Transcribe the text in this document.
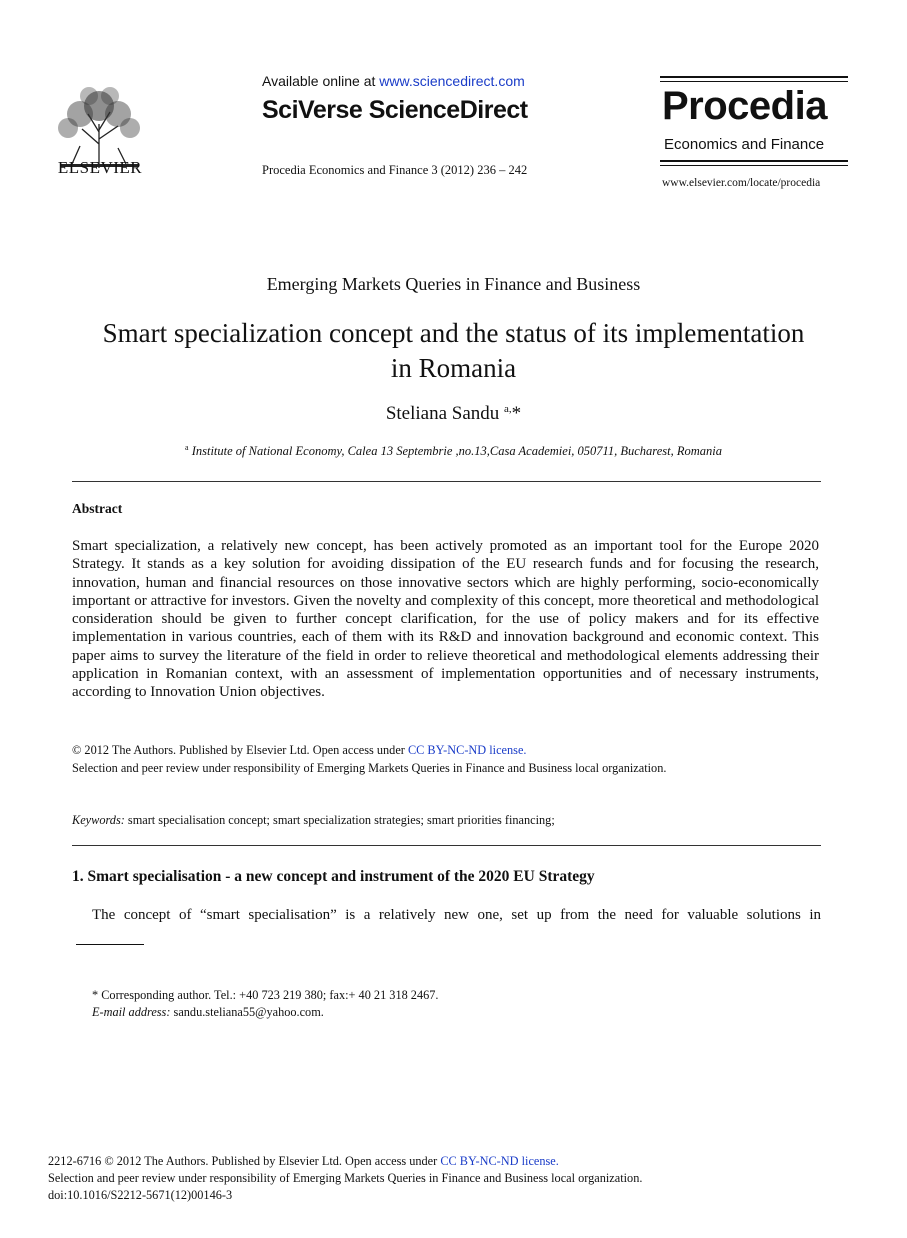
ELSEVIER
Available online at www.sciencedirect.com
SciVerse ScienceDirect
Procedia Economics and Finance 3 (2012) 236 – 242
Procedia
Economics and Finance
www.elsevier.com/locate/procedia
Emerging Markets Queries in Finance and Business
Smart specialization concept and the status of its implementation
in Romania
Steliana Sandu $^{a,}$*
$^a$ Institute of National Economy, Calea 13 Septembrie ,no.13,Casa Academiei, 050711, Bucharest, Romania
Abstract
Smart specialization, a relatively new concept, has been actively promoted as an important tool for the Europe 2020 Strategy. It stands as a key solution for avoiding dissipation of the EU research funds and for focusing the research, innovation, human and financial resources on those innovative sectors which are highly performing, socio-economically important or attractive for investors. Given the novelty and complexity of this concept, more theoretical and methodological consideration should be given to further concept clarification, for the use of policy makers and for its effective implementation in various countries, each of them with its R&D and innovation background and economic context. This paper aims to survey the literature of the field in order to relieve theoretical and methodological elements addressing their application in Romanian context, with an assessment of implementation opportunities and of necessary instruments, according to Innovation Union objectives.
© 2012 The Authors. Published by Elsevier Ltd. Open access under CC BY-NC-ND license.
Selection and peer review under responsibility of Emerging Markets Queries in Finance and Business local organization.
Keywords: smart specialisation concept; smart specialization strategies; smart priorities financing;
1. Smart specialisation - a new concept and instrument of the 2020 EU Strategy
The concept of “smart specialisation” is a relatively new one, set up from the need for valuable solutions in
* Corresponding author. Tel.: +40 723 219 380; fax:+ 40 21 318 2467.
E-mail address: sandu.steliana55@yahoo.com.
2212-6716 © 2012 The Authors. Published by Elsevier Ltd. Open access under CC BY-NC-ND license.
Selection and peer review under responsibility of Emerging Markets Queries in Finance and Business local organization.
doi:10.1016/S2212-5671(12)00146-3
